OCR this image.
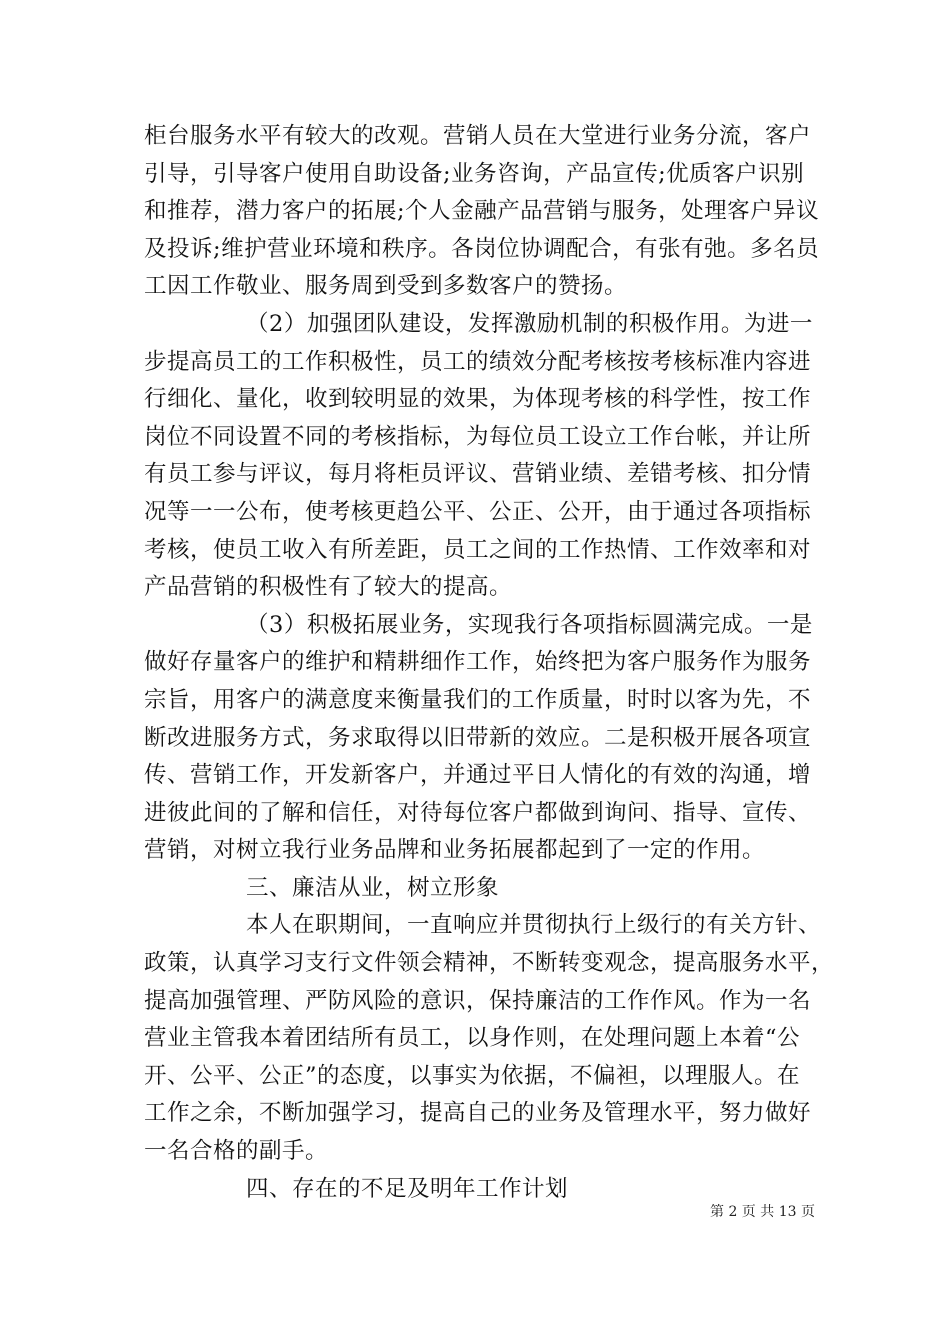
柜台服务水平有较大的改观。营销人员在大堂进行业务分流，客户
引导，引导客户使用自助设备;业务咨询，产品宣传;优质客户识别
和推荐，潜力客户的拓展;个人金融产品营销与服务，处理客户异议
及投诉;维护营业环境和秩序。各岗位协调配合，有张有弛。多名员
工因工作敬业、服务周到受到多数客户的赞扬。
（2）加强团队建设，发挥激励机制的积极作用。为进一
步提高员工的工作积极性，员工的绩效分配考核按考核标准内容进
行细化、量化，收到较明显的效果，为体现考核的科学性，按工作
岗位不同设置不同的考核指标，为每位员工设立工作台帐，并让所
有员工参与评议，每月将柜员评议、营销业绩、差错考核、扣分情
况等一一公布，使考核更趋公平、公正、公开，由于通过各项指标
考核，使员工收入有所差距，员工之间的工作热情、工作效率和对
产品营销的积极性有了较大的提高。
（3）积极拓展业务，实现我行各项指标圆满完成。一是
做好存量客户的维护和精耕细作工作，始终把为客户服务作为服务
宗旨，用客户的满意度来衡量我们的工作质量，时时以客为先，不
断改进服务方式，务求取得以旧带新的效应。二是积极开展各项宣
传、营销工作，开发新客户，并通过平日人情化的有效的沟通，增
进彼此间的了解和信任，对待每位客户都做到询问、指导、宣传、
营销，对树立我行业务品牌和业务拓展都起到了一定的作用。
三、廉洁从业，树立形象
本人在职期间，一直响应并贯彻执行上级行的有关方针、
政策，认真学习支行文件领会精神，不断转变观念，提高服务水平，
提高加强管理、严防风险的意识，保持廉洁的工作作风。作为一名
营业主管我本着团结所有员工，以身作则，在处理问题上本着“公
开、公平、公正”的态度，以事实为依据，不偏袒，以理服人。在
工作之余，不断加强学习，提高自己的业务及管理水平，努力做好
一名合格的副手。
四、存在的不足及明年工作计划
第 2 页 共 13 页
